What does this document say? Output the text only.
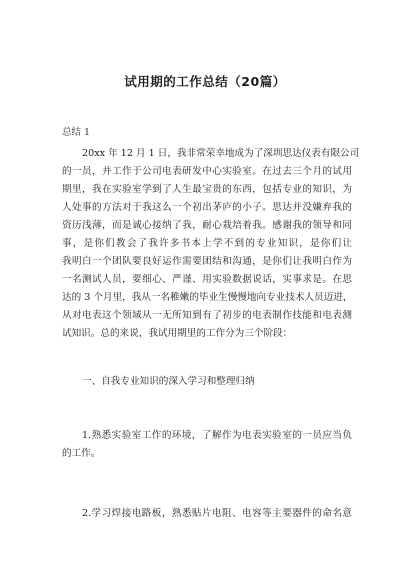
试用期的工作总结（20篇）
总结 1
20xx 年 12 月 1 日，我非常荣幸地成为了深圳思达仪表有限公司
的一员，并工作于公司电表研发中心实验室。在过去三个月的试用
期里，我在实验室学到了人生最宝贵的东西，包括专业的知识，为
人处事的方法对于我这么一个初出茅庐的小子。思达并没嫌弃我的
资历浅薄，而是诚心接纳了我，耐心栽培着我。感谢我的领导和同
事，是你们教会了我许多书本上学不到的专业知识，是你们让
我明白一个团队要良好运作需要团结和沟通，是你们让我明白作为
一名测试人员，要细心、严谨、用实验数据说话，实事求是。在思
达的 3 个月里，我从一名稚嫩的毕业生慢慢地向专业技术人员迈进，
从对电表这个领域从一无所知到有了初步的电表制作技能和电表测
试知识。总的来说，我试用期里的工作分为三个阶段：
一、自我专业知识的深入学习和整理归纳
1.熟悉实验室工作的环境，了解作为电表实验室的一员应当负
的工作。
2.学习焊接电路板，熟悉贴片电阻、电容等主要器件的命名意
